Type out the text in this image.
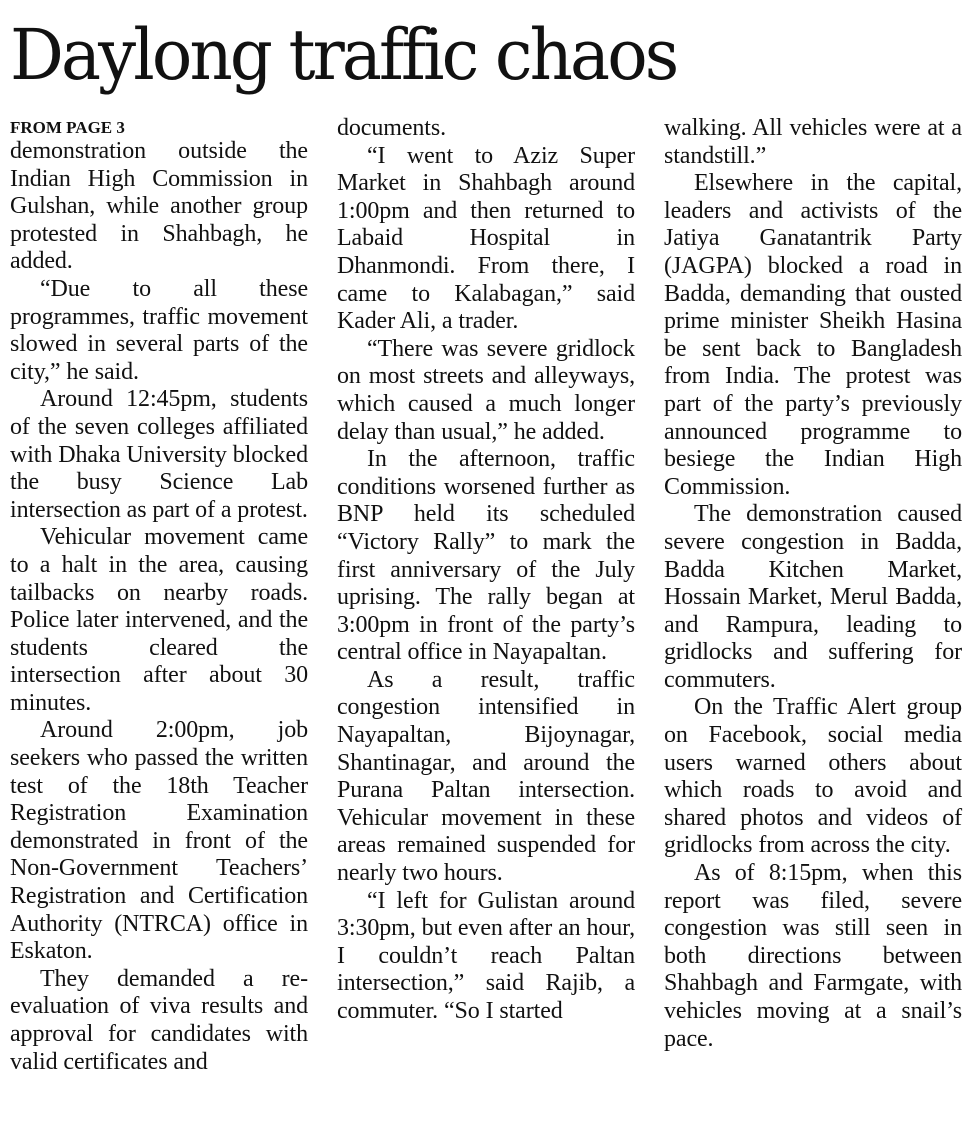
Daylong traffic chaos
FROM PAGE 3

demonstration outside the Indian High Commission in Gulshan, while another group protested in Shahbagh, he added.

“Due to all these programmes, traffic movement slowed in several parts of the city,” he said.

Around 12:45pm, students of the seven colleges affiliated with Dhaka University blocked the busy Science Lab intersection as part of a protest.

Vehicular movement came to a halt in the area, causing tailbacks on nearby roads. Police later intervened, and the students cleared the intersection after about 30 minutes.

Around 2:00pm, job seekers who passed the written test of the 18th Teacher Registration Examination demonstrated in front of the Non-Government Teachers’ Registration and Certification Authority (NTRCA) office in Eskaton.

They demanded a re-evaluation of viva results and approval for candidates with valid certificates and

documents.

“I went to Aziz Super Market in Shahbagh around 1:00pm and then returned to Labaid Hospital in Dhanmondi. From there, I came to Kalabagan,” said Kader Ali, a trader.

“There was severe gridlock on most streets and alleyways, which caused a much longer delay than usual,” he added.

In the afternoon, traffic conditions worsened further as BNP held its scheduled “Victory Rally” to mark the first anniversary of the July uprising. The rally began at 3:00pm in front of the party’s central office in Nayapaltan.

As a result, traffic congestion intensified in Nayapaltan, Bijoynagar, Shantinagar, and around the Purana Paltan intersection. Vehicular movement in these areas remained suspended for nearly two hours.

“I left for Gulistan around 3:30pm, but even after an hour, I couldn’t reach Paltan intersection,” said Rajib, a commuter. “So I started

walking. All vehicles were at a standstill.”

Elsewhere in the capital, leaders and activists of the Jatiya Ganatantrik Party (JAGPA) blocked a road in Badda, demanding that ousted prime minister Sheikh Hasina be sent back to Bangladesh from India. The protest was part of the party’s previously announced programme to besiege the Indian High Commission.

The demonstration caused severe congestion in Badda, Badda Kitchen Market, Hossain Market, Merul Badda, and Rampura, leading to gridlocks and suffering for commuters.

On the Traffic Alert group on Facebook, social media users warned others about which roads to avoid and shared photos and videos of gridlocks from across the city.

As of 8:15pm, when this report was filed, severe congestion was still seen in both directions between Shahbagh and Farmgate, with vehicles moving at a snail’s pace.
